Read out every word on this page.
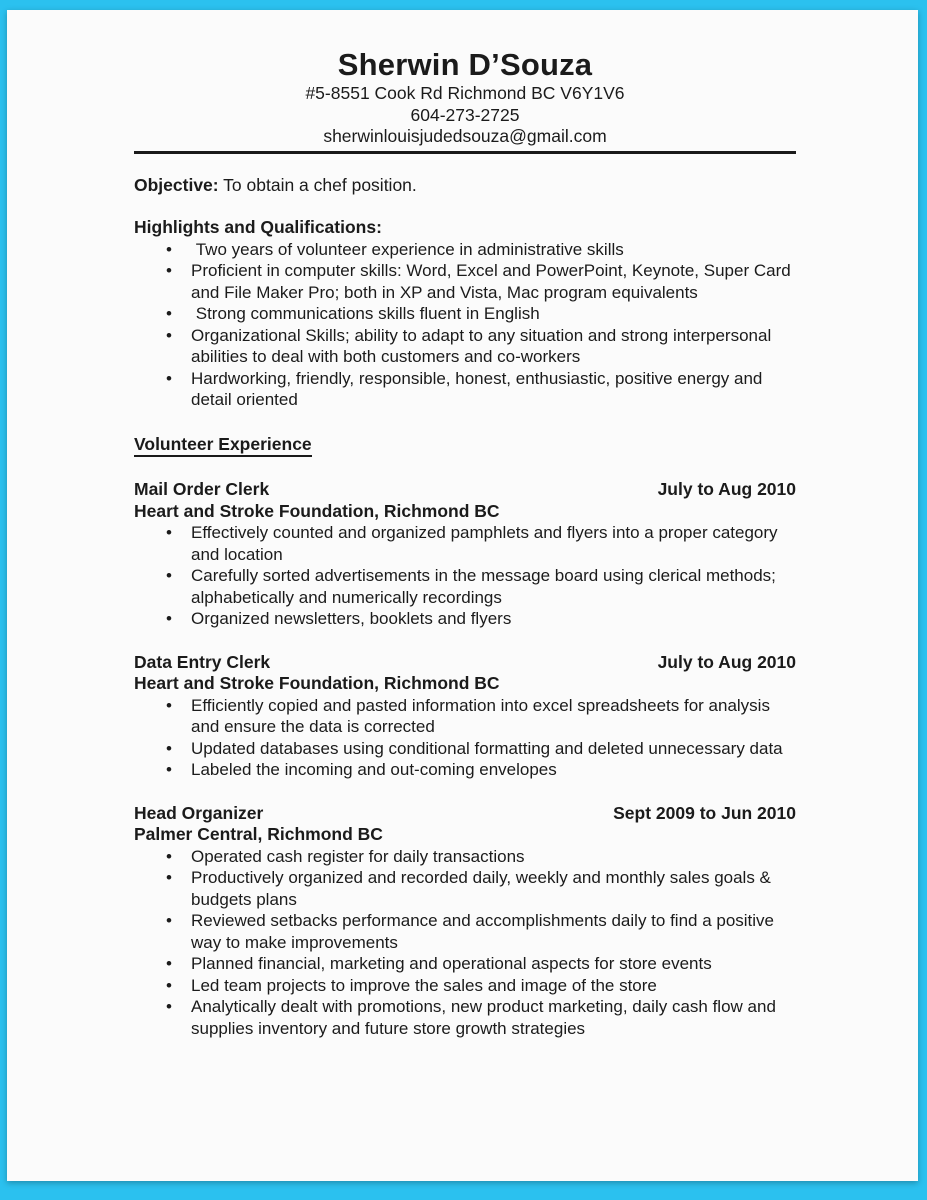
Sherwin D’Souza
#5-8551 Cook Rd Richmond BC V6Y1V6
604-273-2725
sherwinlouisjudedsouza@gmail.com
Objective: To obtain a chef position.
Highlights and Qualifications:
•  Two years of volunteer experience in administrative skills
• Proficient in computer skills: Word, Excel and PowerPoint, Keynote, Super Card and File Maker Pro; both in XP and Vista, Mac program equivalents
•  Strong communications skills fluent in English
• Organizational Skills; ability to adapt to any situation and strong interpersonal abilities to deal with both customers and co-workers
• Hardworking, friendly, responsible, honest, enthusiastic, positive energy and detail oriented
Volunteer Experience
Mail Order Clerk	July to Aug 2010
Heart and Stroke Foundation, Richmond BC
• Effectively counted and organized pamphlets and flyers into a proper category and location
• Carefully sorted advertisements in the message board using clerical methods; alphabetically and numerically recordings
• Organized newsletters, booklets and flyers
Data Entry Clerk	July to Aug 2010
Heart and Stroke Foundation, Richmond BC
• Efficiently copied and pasted information into excel spreadsheets for analysis and ensure the data is corrected
• Updated databases using conditional formatting and deleted unnecessary data
• Labeled the incoming and out-coming envelopes
Head Organizer	Sept 2009 to Jun 2010
Palmer Central, Richmond BC
• Operated cash register for daily transactions
• Productively organized and recorded daily, weekly and monthly sales goals & budgets plans
• Reviewed setbacks performance and accomplishments daily to find a positive way to make improvements
• Planned financial, marketing and operational aspects for store events
• Led team projects to improve the sales and image of the store
• Analytically dealt with promotions, new product marketing, daily cash flow and supplies inventory and future store growth strategies
